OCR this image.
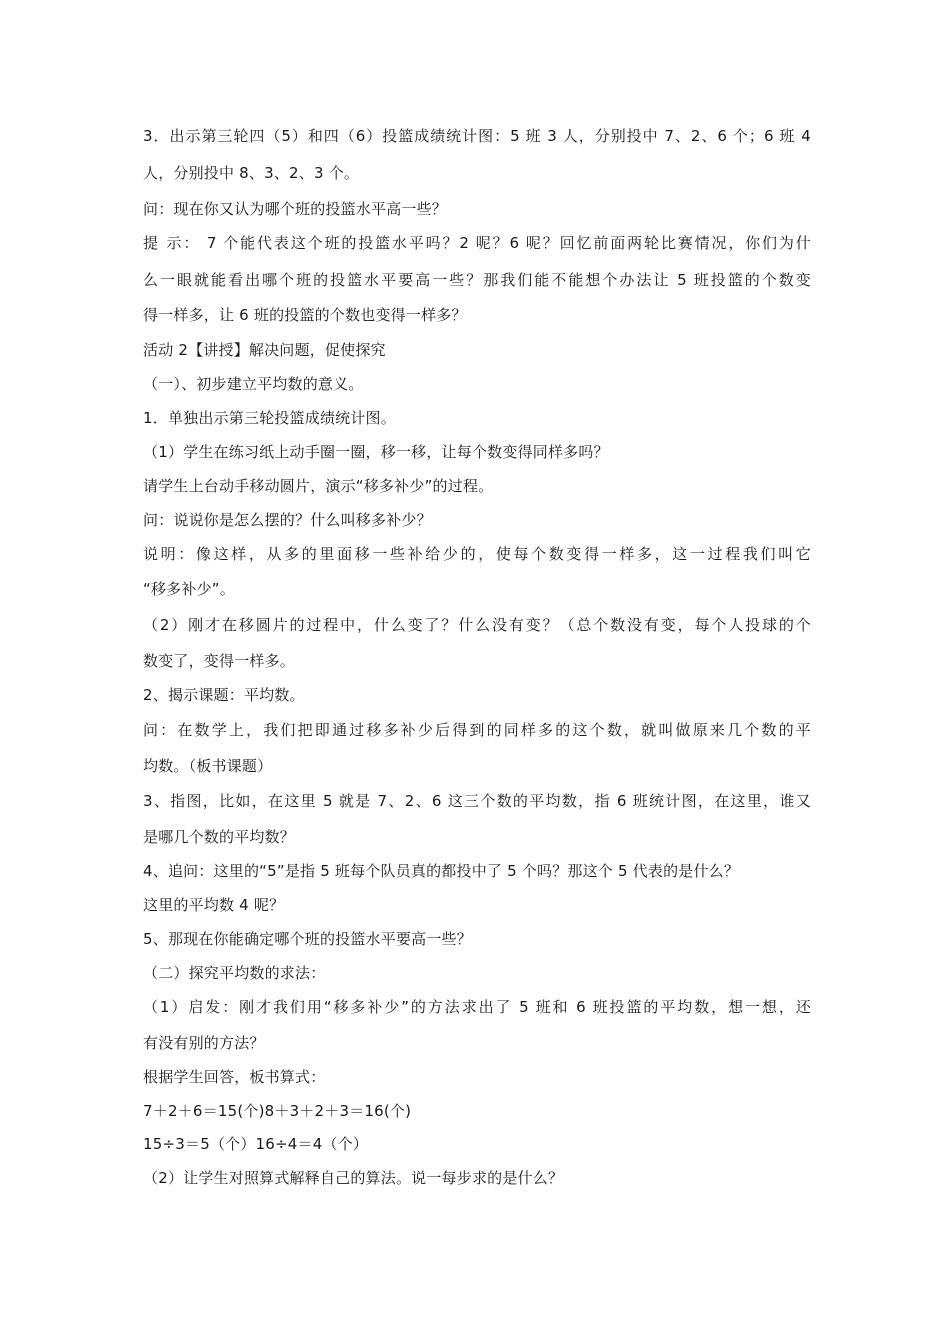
3．出示第三轮四（5）和四（6）投篮成绩统计图：5 班 3 人，分别投中 7、2、6 个；6 班 4
人，分别投中 8、3、2、3 个。
问：现在你又认为哪个班的投篮水平高一些？
提 示： 7 个能代表这个班的投篮水平吗？2 呢？6 呢？回忆前面两轮比赛情况，你们为什
么一眼就能看出哪个班的投篮水平要高一些？那我们能不能想个办法让 5 班投篮的个数变
得一样多，让 6 班的投篮的个数也变得一样多？
活动 2【讲授】解决问题，促使探究
（一）、初步建立平均数的意义。
1．单独出示第三轮投篮成绩统计图。
（1）学生在练习纸上动手圈一圈，移一移，让每个数变得同样多吗？
请学生上台动手移动圆片，演示“移多补少”的过程。
问：说说你是怎么摆的？什么叫移多补少？
说明：像这样，从多的里面移一些补给少的，使每个数变得一样多，这一过程我们叫它
“移多补少”。
（2）刚才在移圆片的过程中，什么变了？什么没有变？（总个数没有变，每个人投球的个
数变了，变得一样多。
2、揭示课题：平均数。
问：在数学上，我们把即通过移多补少后得到的同样多的这个数，就叫做原来几个数的平
均数。（板书课题）
3、指图，比如，在这里 5 就是 7、2、6 这三个数的平均数，指 6 班统计图，在这里，谁又
是哪几个数的平均数？
4、追问：这里的“5”是指 5 班每个队员真的都投中了 5 个吗？那这个 5 代表的是什么？
这里的平均数 4 呢？
5、那现在你能确定哪个班的投篮水平要高一些？
（二）探究平均数的求法：
（1）启发：刚才我们用“移多补少”的方法求出了 5 班和 6 班投篮的平均数，想一想，还
有没有别的方法？
根据学生回答，板书算式：
7＋2＋6＝15(个)8＋3＋2＋3＝16(个)
15÷3＝5（个）16÷4＝4（个）
（2）让学生对照算式解释自己的算法。说一每步求的是什么？
